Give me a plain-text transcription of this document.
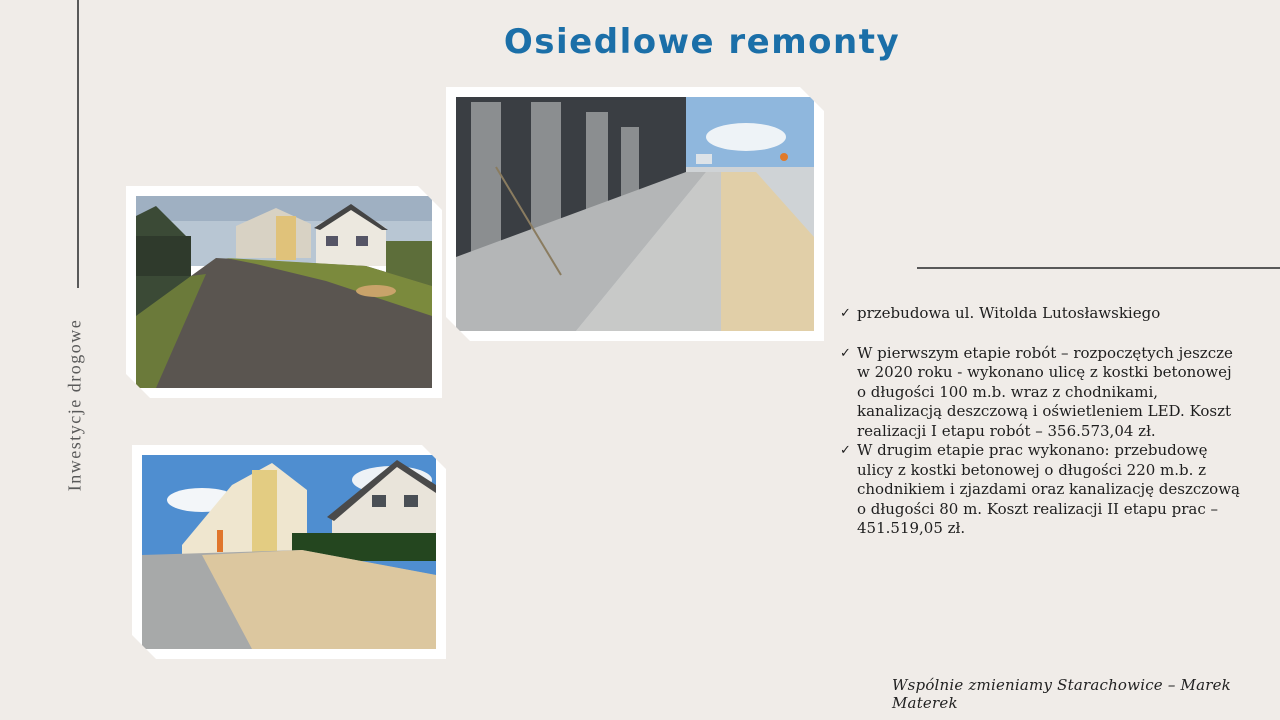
Inwestycje drogowe
Osiedlowe remonty
✓ przebudowa ul. Witolda Lutosławskiego
✓ W pierwszym etapie robót – rozpoczętych jeszcze w 2020 roku - wykonano ulicę z kostki betonowej o długości 100 m.b. wraz z chodnikami, kanalizacją deszczową i oświetleniem LED. Koszt realizacji I etapu robót – 356.573,04 zł.
✓ W drugim etapie prac wykonano: przebudowę ulicy z kostki betonowej o długości 220 m.b. z chodnikiem i zjazdami oraz kanalizację deszczową o długości 80 m. Koszt realizacji II etapu prac – 451.519,05 zł.
Wspólnie zmieniamy Starachowice – Marek Materek
